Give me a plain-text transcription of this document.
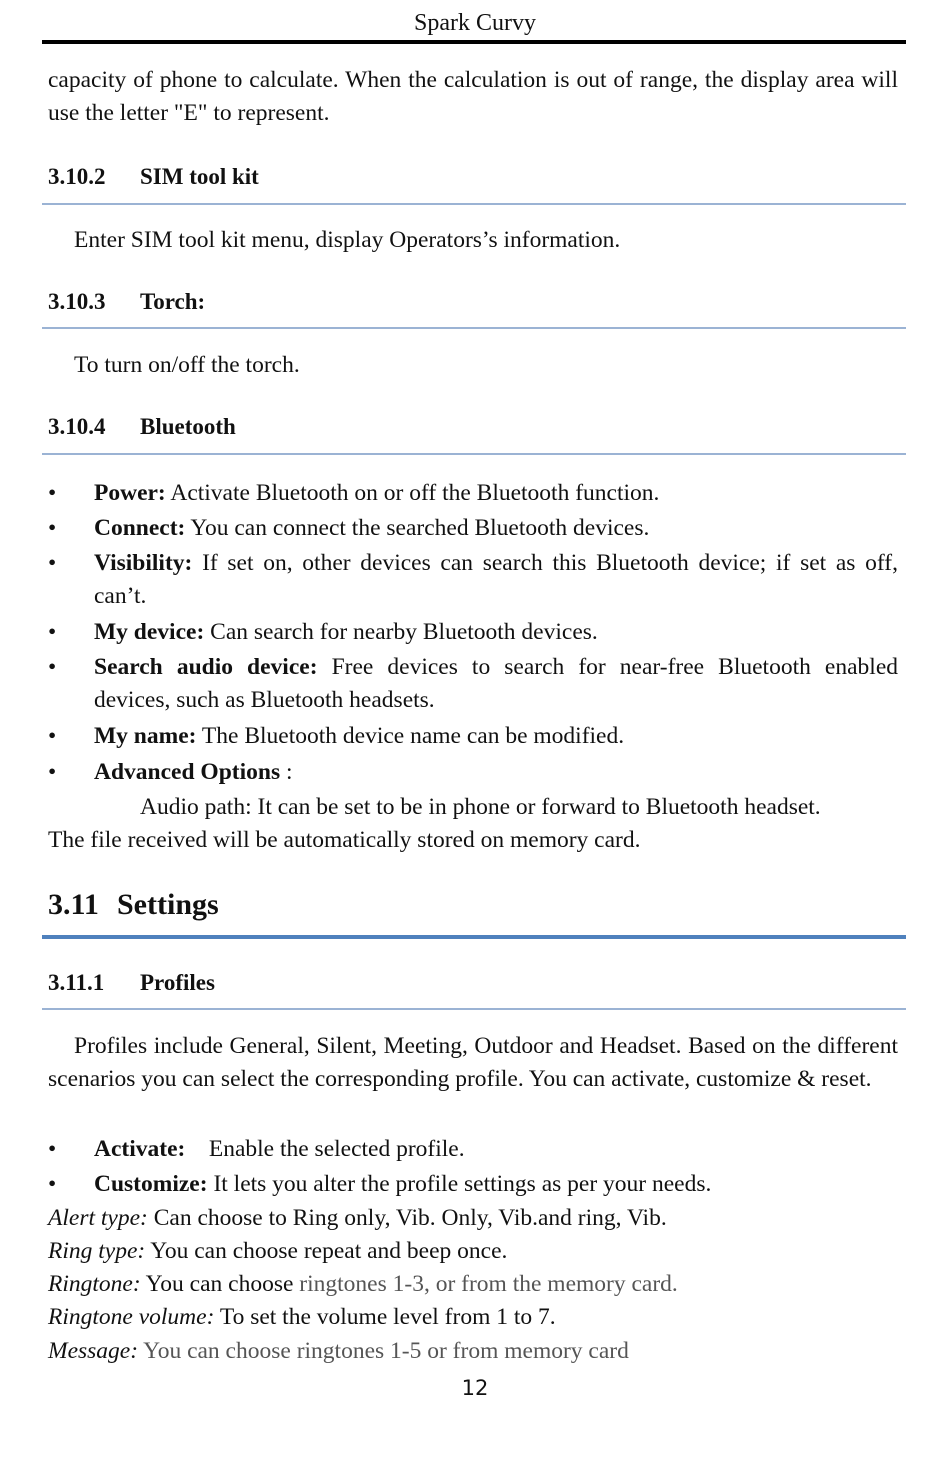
Spark Curvy
capacity of phone to calculate. When the calculation is out of range, the display area will use the letter "E" to represent.
3.10.2 SIM tool kit
Enter SIM tool kit menu, display Operators’s information.
3.10.3 Torch:
To turn on/off the torch.
3.10.4 Bluetooth
•	Power: Activate Bluetooth on or off the Bluetooth function.
•	Connect: You can connect the searched Bluetooth devices.
•	Visibility: If set on, other devices can search this Bluetooth device; if set as off, can’t.
•	My device: Can search for nearby Bluetooth devices.
•	Search audio device: Free devices to search for near-free Bluetooth enabled devices, such as Bluetooth headsets.
•	My name: The Bluetooth device name can be modified.
•	Advanced Options :
Audio path: It can be set to be in phone or forward to Bluetooth headset.
The file received will be automatically stored on memory card.
3.11 Settings
3.11.1 Profiles
Profiles include General, Silent, Meeting, Outdoor and Headset. Based on the different scenarios you can select the corresponding profile. You can activate, customize & reset.
•	Activate:    Enable the selected profile.
•	Customize: It lets you alter the profile settings as per your needs.
Alert type: Can choose to Ring only, Vib. Only, Vib.and ring, Vib.
Ring type: You can choose repeat and beep once.
Ringtone: You can choose ringtones 1-3, or from the memory card.
Ringtone volume: To set the volume level from 1 to 7.
Message: You can choose ringtones 1-5 or from memory card
12
